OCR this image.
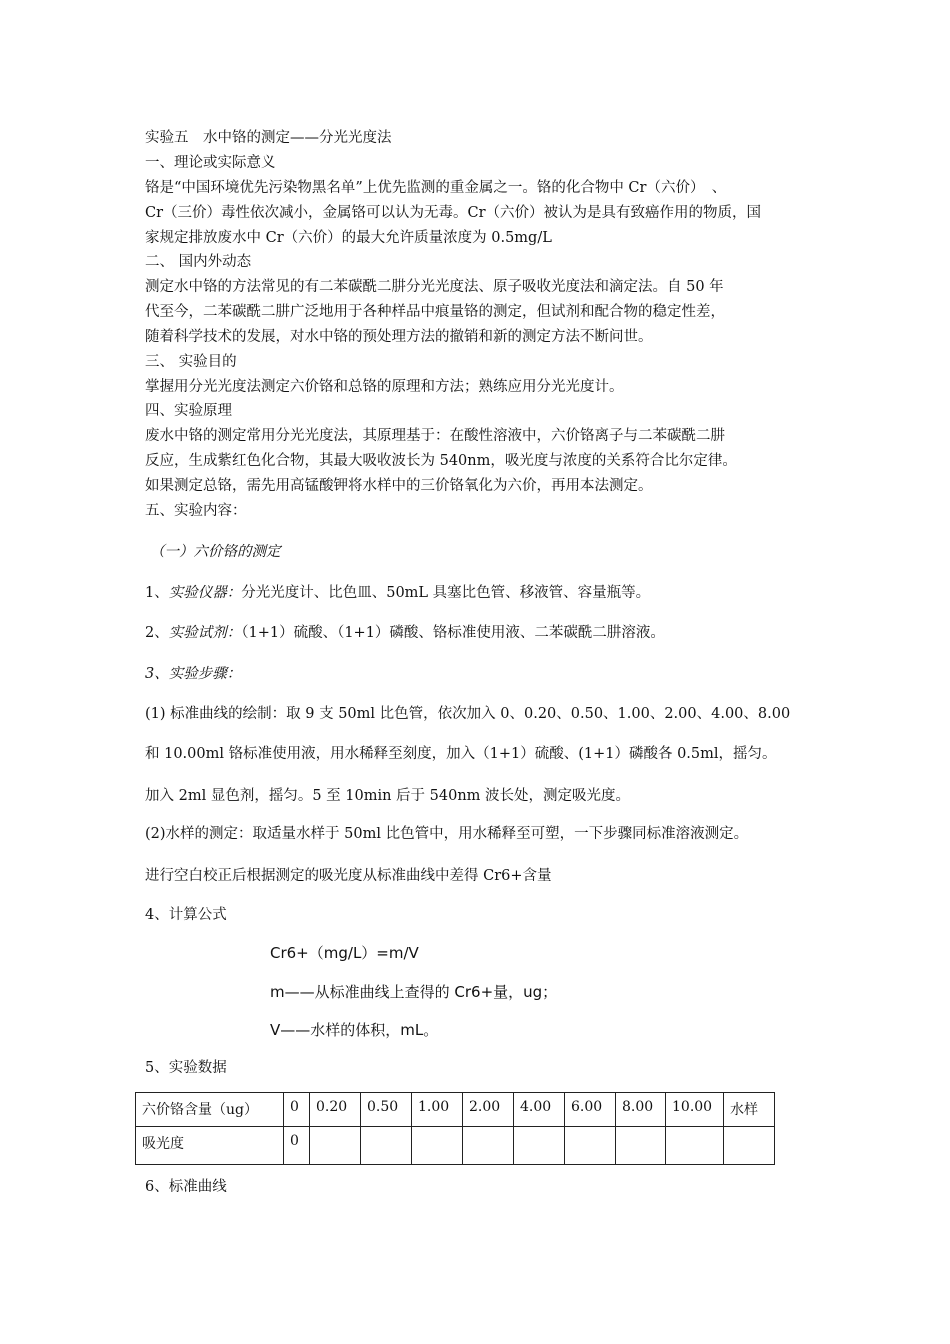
实验五　水中铬的测定——分光光度法
一、理论或实际意义
铬是“中国环境优先污染物黑名单”上优先监测的重金属之一。铬的化合物中 Cr（六价）　、
Cr（三价）毒性依次减小，金属铬可以认为无毒。Cr（六价）被认为是具有致癌作用的物质，国
家规定排放废水中 Cr（六价）的最大允许质量浓度为 0.5mg/L
二、 国内外动态
测定水中铬的方法常见的有二苯碳酰二肼分光光度法、原子吸收光度法和滴定法。自 50 年
代至今，二苯碳酰二肼广泛地用于各种样品中痕量铬的测定，但试剂和配合物的稳定性差，
随着科学技术的发展，对水中铬的预处理方法的撤销和新的测定方法不断问世。
三、 实验目的
掌握用分光光度法测定六价铬和总铬的原理和方法；熟练应用分光光度计。
四、实验原理
废水中铬的测定常用分光光度法，其原理基于：在酸性溶液中，六价铬离子与二苯碳酰二肼
反应，生成紫红色化合物，其最大吸收波长为 540nm，吸光度与浓度的关系符合比尔定律。
如果测定总铬，需先用高锰酸钾将水样中的三价铬氧化为六价，再用本法测定。
五、实验内容：
（一）六价铬的测定
1、实验仪器：分光光度计、比色皿、50mL 具塞比色管、移液管、容量瓶等。
2、实验试剂：（1+1）硫酸、（1+1）磷酸、铬标准使用液、二苯碳酰二肼溶液。
3、实验步骤：
(1) 标准曲线的绘制：取 9 支 50ml 比色管，依次加入 0、0.20、0.50、1.00、2.00、4.00、8.00
和 10.00ml 铬标准使用液，用水稀释至刻度，加入（1+1）硫酸、(1+1）磷酸各 0.5ml，摇匀。
加入 2ml 显色剂，摇匀。5 至 10min 后于 540nm 波长处，测定吸光度。
(2)水样的测定：取适量水样于 50ml 比色管中，用水稀释至可塑，一下步骤同标准溶液测定。
进行空白校正后根据测定的吸光度从标准曲线中差得 Cr6+含量
4、计算公式
Cr6+（mg/L）=m/V
m——从标准曲线上查得的 Cr6+量，ug；
V——水样的体积，mL。
5、实验数据
六价铬含量（ug）	0	0.20	0.50	1.00	2.00	4.00	6.00	8.00	10.00	水样
吸光度	0									
6、标准曲线
